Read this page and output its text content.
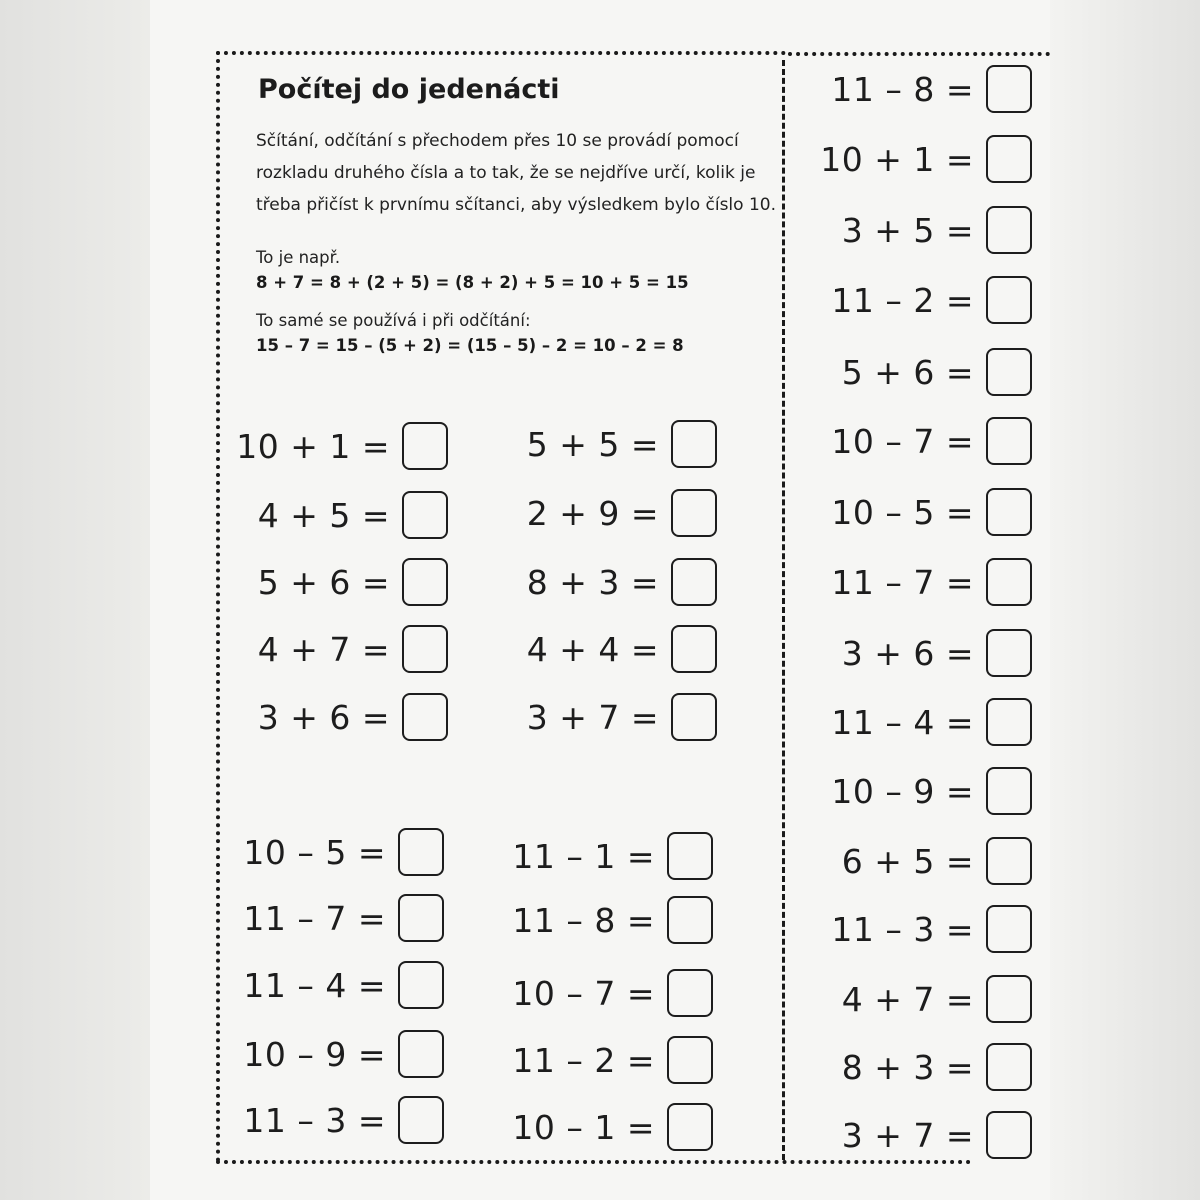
Počítej do jedenácti
Sčítání, odčítání s přechodem přes 10 se provádí pomocí rozkladu druhého čísla a to tak, že se nejdříve určí, kolik je třeba přičíst k prvnímu sčítanci, aby výsledkem bylo číslo 10.
To je např.
8 + 7 = 8 + (2 + 5) = (8 + 2) + 5 = 10 + 5 = 15
To samé se používá i při odčítání:
15 – 7 = 15 – (5 + 2) = (15 – 5) – 2 = 10 – 2 = 8
10 + 1 =
4 + 5 =
5 + 6 =
4 + 7 =
3 + 6 =
5 + 5 =
2 + 9 =
8 + 3 =
4 + 4 =
3 + 7 =
10 – 5 =
11 – 7 =
11 – 4 =
10 – 9 =
11 – 3 =
11 – 1 =
11 – 8 =
10 – 7 =
11 – 2 =
10 – 1 =
11 – 8 =
10 + 1 =
3 + 5 =
11 – 2 =
5 + 6 =
10 – 7 =
10 – 5 =
11 – 7 =
3 + 6 =
11 – 4 =
10 – 9 =
6 + 5 =
11 – 3 =
4 + 7 =
8 + 3 =
3 + 7 =
